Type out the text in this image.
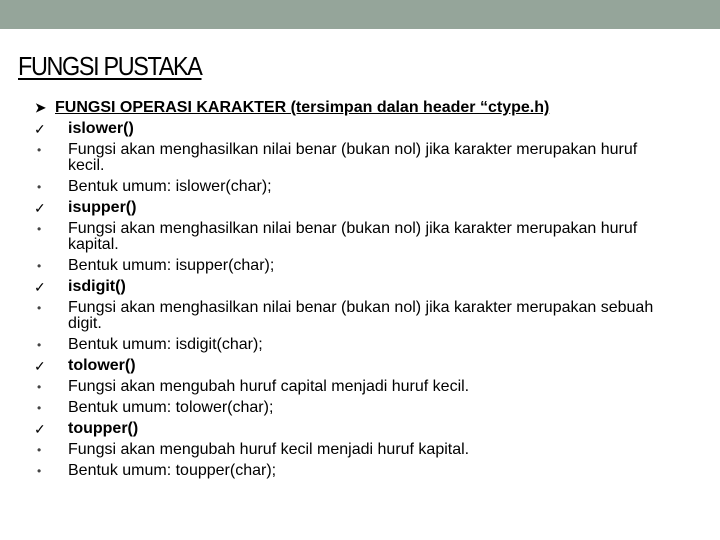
FUNGSI PUSTAKA
➤ FUNGSI OPERASI KARAKTER (tersimpan dalan header “ctype.h)
✓	islower()
•	Fungsi akan menghasilkan nilai benar (bukan nol) jika karakter merupakan huruf kecil.
•	Bentuk umum: islower(char);
✓	isupper()
•	Fungsi akan menghasilkan nilai benar (bukan nol) jika karakter merupakan huruf kapital.
•	Bentuk umum: isupper(char);
✓	isdigit()
•	Fungsi akan menghasilkan nilai benar (bukan nol) jika karakter merupakan sebuah digit.
•	Bentuk umum: isdigit(char);
✓	tolower()
•	Fungsi akan mengubah huruf capital menjadi huruf kecil.
•	Bentuk umum: tolower(char);
✓	toupper()
•	Fungsi akan mengubah huruf kecil menjadi huruf kapital.
•	Bentuk umum: toupper(char);
